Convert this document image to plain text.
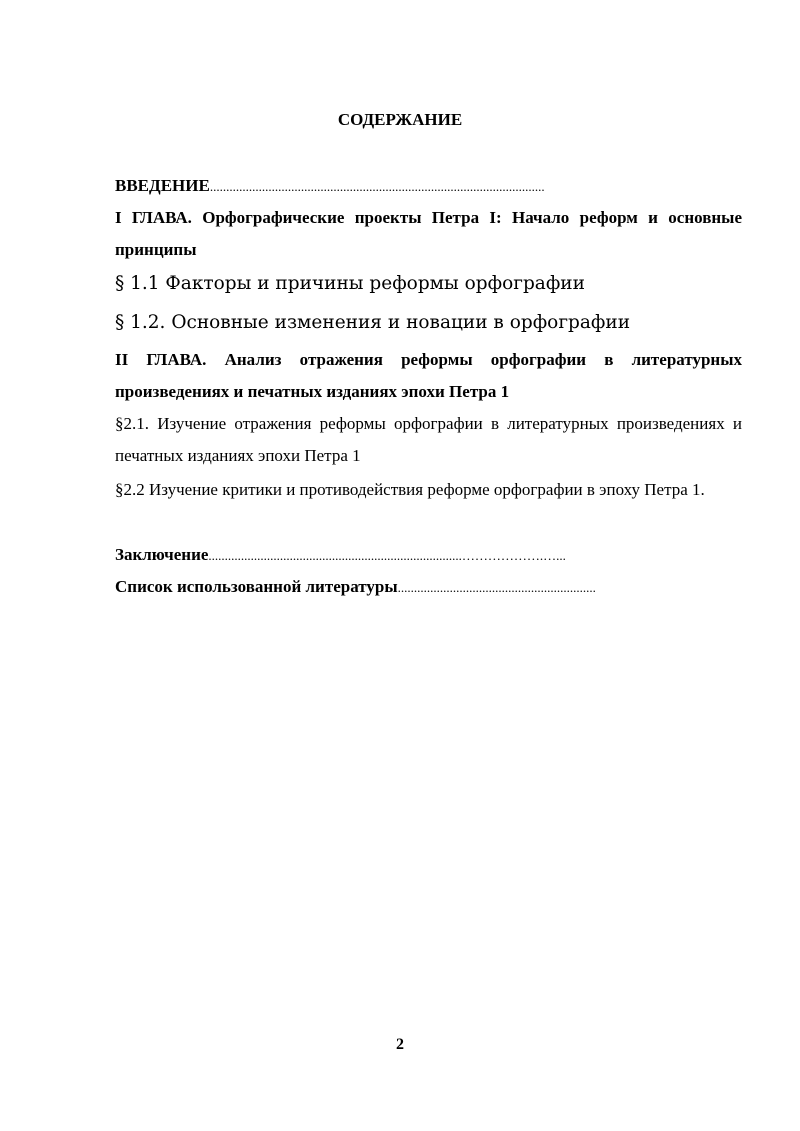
СОДЕРЖАНИЕ
ВВЕДЕНИЕ.......................................................................................................
I ГЛАВА. Орфографические проекты Петра I: Начало реформ и основные принципы
§ 1.1 Факторы и причины реформы орфографии
§ 1.2. Основные изменения и новации в орфографии
II ГЛАВА. Анализ отражения реформы орфографии в литературных произведениях и печатных изданиях эпохи Петра 1
§2.1. Изучение отражения реформы орфографии в литературных произведениях и печатных изданиях эпохи Петра 1
§2.2 Изучение критики и противодействия реформе орфографии в эпоху Петра 1.
Заключение..............................................................................……………….…...
Список использованной литературы.............................................................
2
